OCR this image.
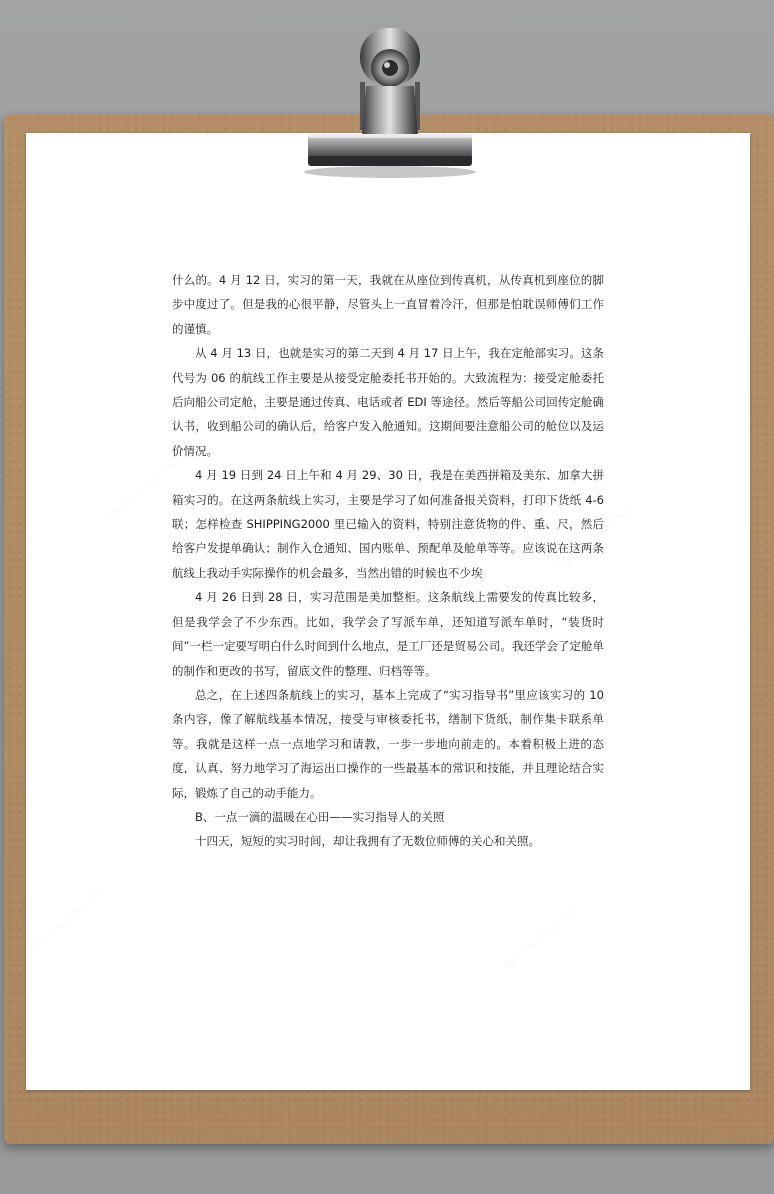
什么的。4 月 12 日，实习的第一天，我就在从座位到传真机，从传真机到座位的脚步中度过了。但是我的心很平静，尽管头上一直冒着冷汗，但那是怕耽误师傅们工作的谨慎。

从 4 月 13 日，也就是实习的第二天到 4 月 17 日上午，我在定舱部实习。这条代号为 06 的航线工作主要是从接受定舱委托书开始的。大致流程为：接受定舱委托后向船公司定舱，主要是通过传真、电话或者 EDI 等途径。然后等船公司回传定舱确认书，收到船公司的确认后，给客户发入舱通知。这期间要注意船公司的舱位以及运价情况。

4 月 19 日到 24 日上午和 4 月 29、30 日，我是在美西拼箱及美东、加拿大拼箱实习的。在这两条航线上实习，主要是学习了如何准备报关资料，打印下货纸 4-6 联；怎样检查 SHIPPING2000 里已输入的资料，特别注意货物的件、重、尺，然后给客户发提单确认；制作入仓通知、国内账单、预配单及舱单等等。应该说在这两条航线上我动手实际操作的机会最多，当然出错的时候也不少埃

4 月 26 日到 28 日，实习范围是美加整柜。这条航线上需要发的传真比较多，但是我学会了不少东西。比如，我学会了写派车单，还知道写派车单时，“装货时间”一栏一定要写明白什么时间到什么地点，是工厂还是贸易公司。我还学会了定舱单的制作和更改的书写，留底文件的整理、归档等等。

总之，在上述四条航线上的实习，基本上完成了“实习指导书”里应该实习的 10 条内容，像了解航线基本情况，接受与审核委托书，缮制下货纸，制作集卡联系单等。我就是这样一点一点地学习和请教，一步一步地向前走的。本着积极上进的态度，认真、努力地学习了海运出口操作的一些最基本的常识和技能，并且理论结合实际，锻炼了自己的动手能力。

B、一点一滴的温暖在心田——实习指导人的关照

十四天，短短的实习时间，却让我拥有了无数位师傅的关心和关照。
